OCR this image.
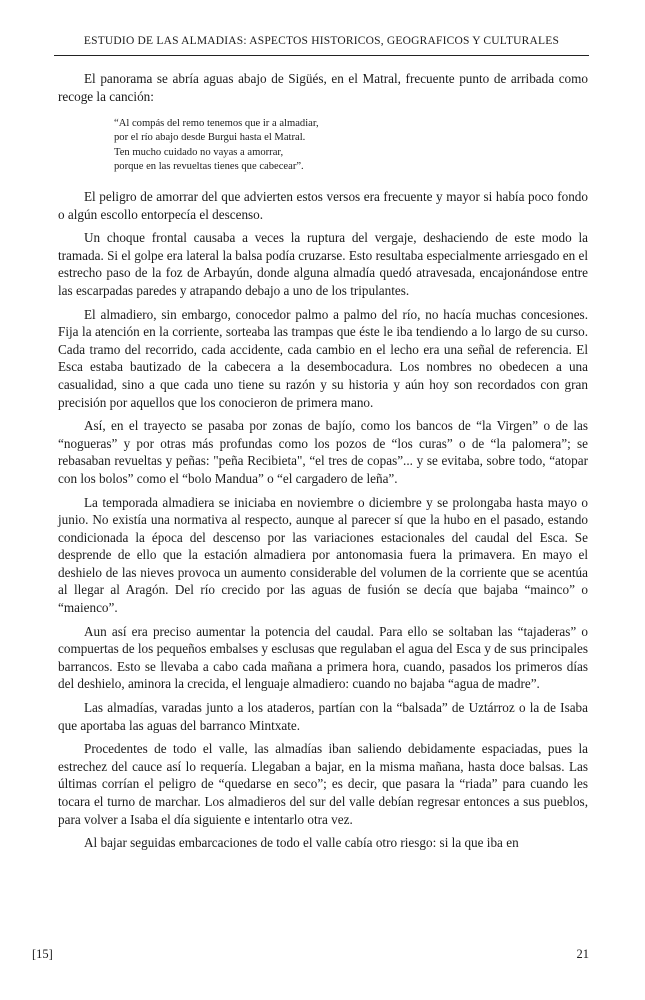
ESTUDIO DE LAS ALMADIAS: ASPECTOS HISTORICOS, GEOGRAFICOS Y CULTURALES

El panorama se abría aguas abajo de Sigüés, en el Matral, frecuente punto de arribada como recoge la canción:

“Al compás del remo tenemos que ir a almadiar,
por el río abajo desde Burgui hasta el Matral.
Ten mucho cuidado no vayas a amorrar,
porque en las revueltas tienes que cabecear”.

El peligro de amorrar del que advierten estos versos era frecuente y mayor si había poco fondo o algún escollo entorpecía el descenso.

Un choque frontal causaba a veces la ruptura del vergaje, deshaciendo de este modo la tramada. Si el golpe era lateral la balsa podía cruzarse. Esto resultaba especialmente arriesgado en el estrecho paso de la foz de Arbayún, donde alguna almadía quedó atravesada, encajonándose entre las escarpadas paredes y atrapando debajo a uno de los tripulantes.

El almadiero, sin embargo, conocedor palmo a palmo del río, no hacía muchas concesiones. Fija la atención en la corriente, sorteaba las trampas que éste le iba tendiendo a lo largo de su curso. Cada tramo del recorrido, cada accidente, cada cambio en el lecho era una señal de referencia. El Esca estaba bautizado de la cabecera a la desembocadura. Los nombres no obedecen a una casualidad, sino a que cada uno tiene su razón y su historia y aún hoy son recordados con gran precisión por aquellos que los conocieron de primera mano.

Así, en el trayecto se pasaba por zonas de bajío, como los bancos de “la Virgen” o de las “nogueras” y por otras más profundas como los pozos de “los curas” o de “la palomera”; se rebasaban revueltas y peñas: "peña Recibieta", “el tres de copas”... y se evitaba, sobre todo, “atopar con los bolos” como el “bolo Mandua” o “el cargadero de leña”.

La temporada almadiera se iniciaba en noviembre o diciembre y se prolongaba hasta mayo o junio. No existía una normativa al respecto, aunque al parecer sí que la hubo en el pasado, estando condicionada la época del descenso por las variaciones estacionales del caudal del Esca. Se desprende de ello que la estación almadiera por antonomasia fuera la primavera. En mayo el deshielo de las nieves provoca un aumento considerable del volumen de la corriente que se acentúa al llegar al Aragón. Del río crecido por las aguas de fusión se decía que bajaba “mainco” o “maienco”.

Aun así era preciso aumentar la potencia del caudal. Para ello se soltaban las “tajaderas” o compuertas de los pequeños embalses y esclusas que regulaban el agua del Esca y de sus principales barrancos. Esto se llevaba a cabo cada mañana a primera hora, cuando, pasados los primeros días del deshielo, aminora la crecida, el lenguaje almadiero: cuando no bajaba “agua de madre”.

Las almadías, varadas junto a los ataderos, partían con la “balsada” de Uztárroz o la de Isaba que aportaba las aguas del barranco Mintxate.

Procedentes de todo el valle, las almadías iban saliendo debidamente espaciadas, pues la estrechez del cauce así lo requería. Llegaban a bajar, en la misma mañana, hasta doce balsas. Las últimas corrían el peligro de “quedarse en seco”; es decir, que pasara la “riada” para cuando les tocara el turno de marchar. Los almadieros del sur del valle debían regresar entonces a sus pueblos, para volver a Isaba el día siguiente e intentarlo otra vez.

Al bajar seguidas embarcaciones de todo el valle cabía otro riesgo: si la que iba en

[15]	21
